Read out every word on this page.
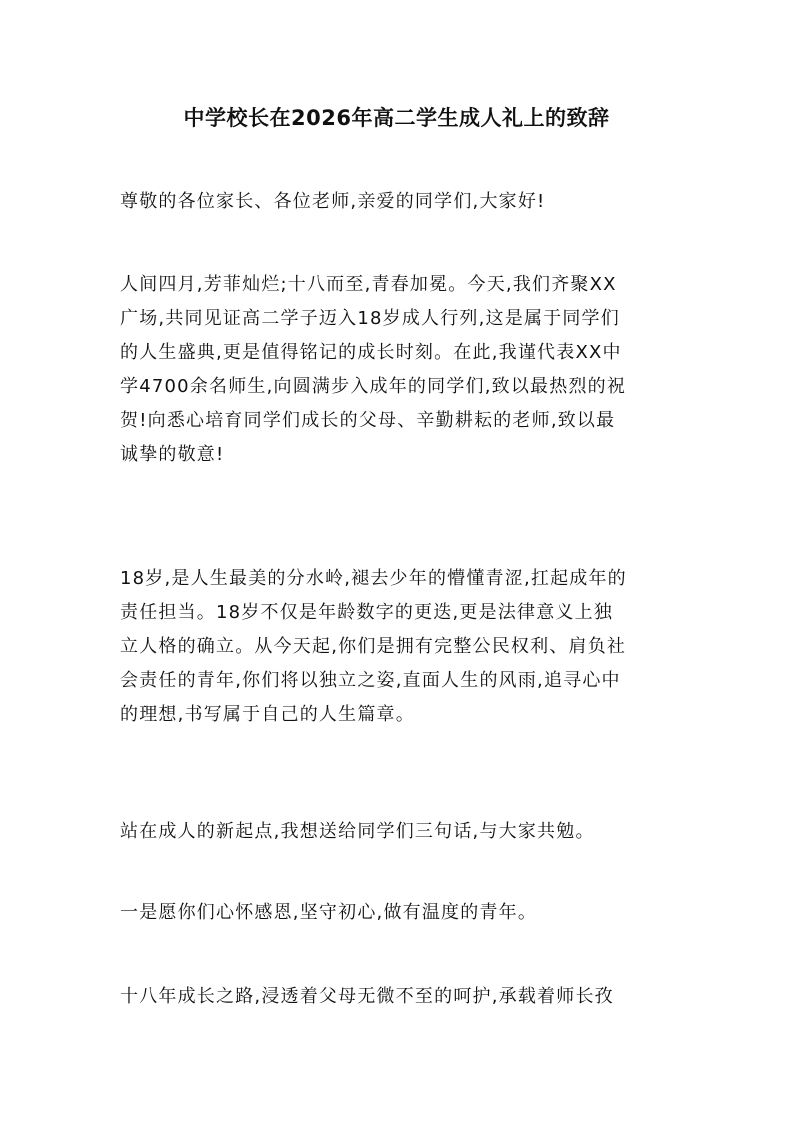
中学校长在2026年高二学生成人礼上的致辞

尊敬的各位家长、各位老师,亲爱的同学们,大家好!

人间四月,芳菲灿烂;十八而至,青春加冕。今天,我们齐聚XX
广场,共同见证高二学子迈入18岁成人行列,这是属于同学们
的人生盛典,更是值得铭记的成长时刻。在此,我谨代表XX中
学4700余名师生,向圆满步入成年的同学们,致以最热烈的祝
贺!向悉心培育同学们成长的父母、辛勤耕耘的老师,致以最
诚挚的敬意!
18岁,是人生最美的分水岭,褪去少年的懵懂青涩,扛起成年的
责任担当。18岁不仅是年龄数字的更迭,更是法律意义上独
立人格的确立。从今天起,你们是拥有完整公民权利、肩负社
会责任的青年,你们将以独立之姿,直面人生的风雨,追寻心中
的理想,书写属于自己的人生篇章。

站在成人的新起点,我想送给同学们三句话,与大家共勉。

一是愿你们心怀感恩,坚守初心,做有温度的青年。

十八年成长之路,浸透着父母无微不至的呵护,承载着师长孜
